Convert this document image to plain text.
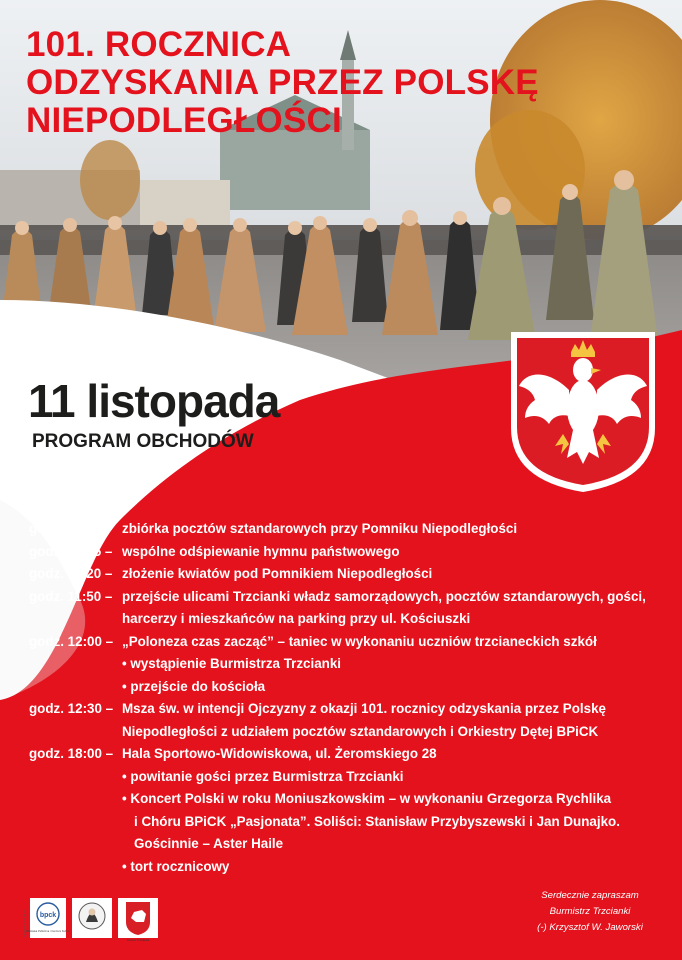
101. ROCZNICA
ODZYSKANIA PRZEZ POLSKĘ
NIEPODLEGŁOŚCI
11 listopada
PROGRAM OBCHODÓW
godz. 11:00 – zbiórka pocztów sztandarowych przy Pomniku Niepodległości
godz. 11:15 – wspólne odśpiewanie hymnu państwowego
godz. 11:20 – złożenie kwiatów pod Pomnikiem Niepodległości
godz. 11:50 – przejście ulicami Trzcianki władz samorządowych, pocztów sztandarowych, gości,
harcerzy i mieszkańców na parking przy ul. Kościuszki
godz. 12:00 – „Poloneza czas zacząć” – taniec w wykonaniu uczniów trzcianeckich szkół
• wystąpienie Burmistrza Trzcianki
• przejście do kościoła
godz. 12:30 – Msza św. w intencji Ojczyzny z okazji 101. rocznicy odzyskania przez Polskę
Niepodległości z udziałem pocztów sztandarowych i Orkiestry Dętej BPiCK
godz. 18:00 – Hala Sportowo-Widowiskowa, ul. Żeromskiego 28
• powitanie gości przez Burmistrza Trzcianki
• Koncert Polski w roku Moniuszkowskim – w wykonaniu Grzegorza Rychlika
i Chóru BPiCK „Pasjonata”. Soliści: Stanisław Przybyszewski i Jan Dunajko.
Gościnnie – Aster Haile
• tort rocznicowy
ORGANIZATORZY bpck
Biblioteka Publiczna i Centrum Kultury
Gmina Trzcianka
Serdecznie zapraszam
Burmistrz Trzcianki
(-) Krzysztof W. Jaworski
